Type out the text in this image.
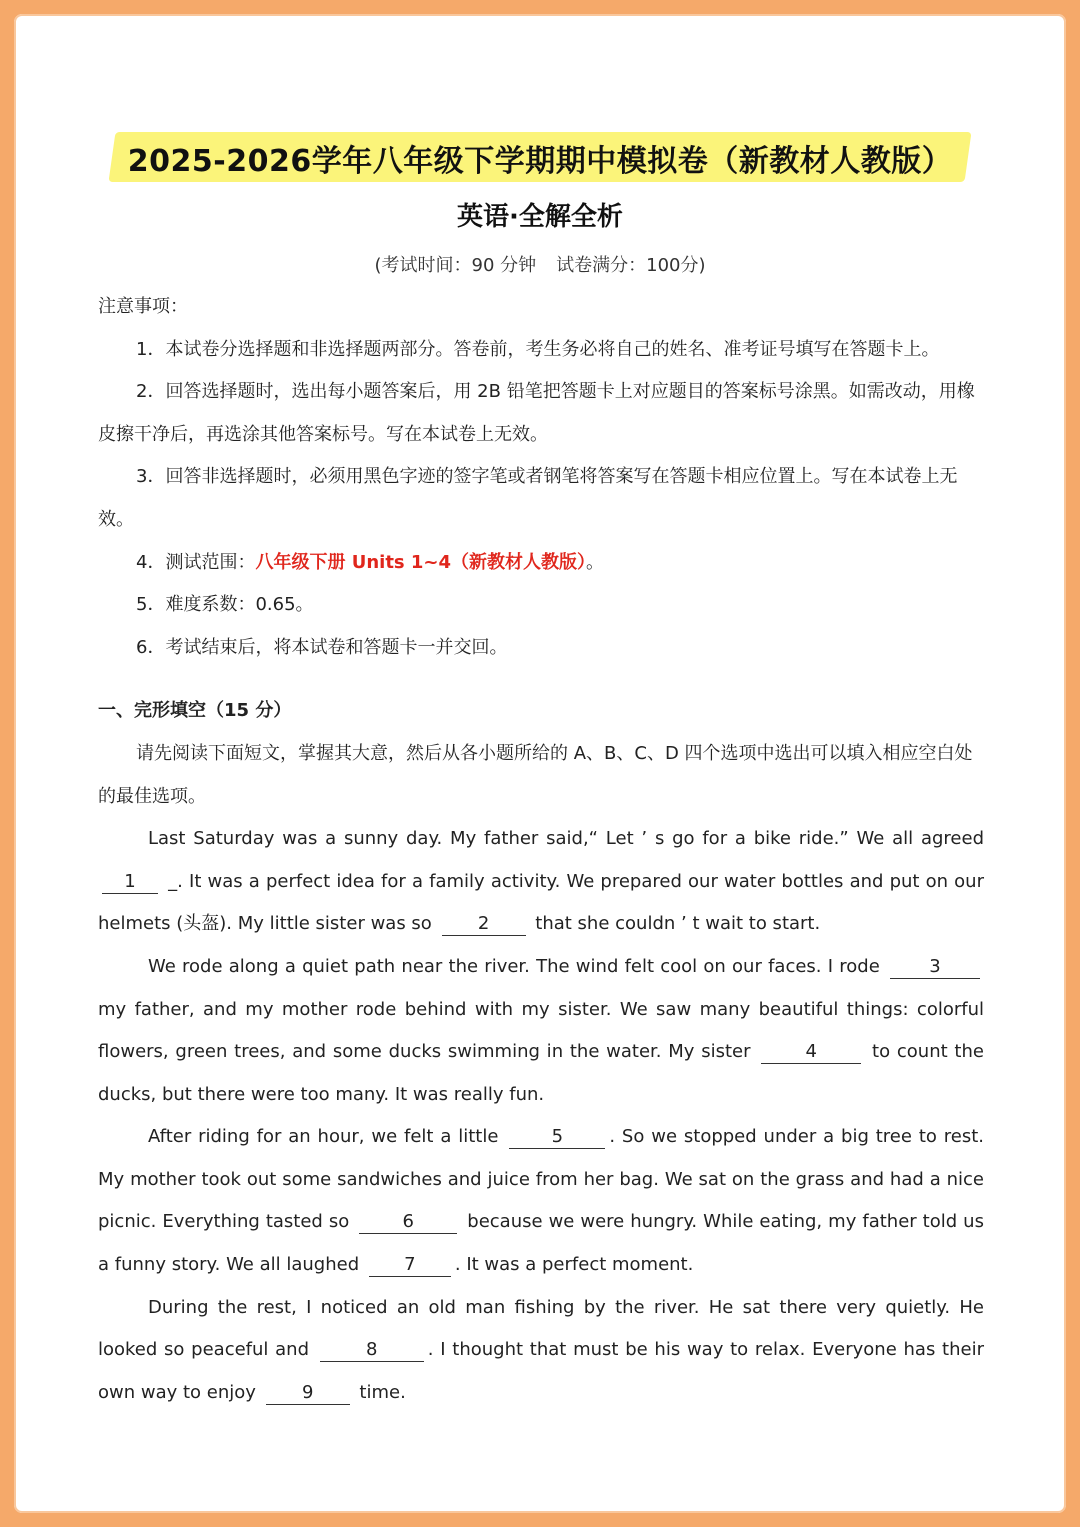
2025-2026学年八年级下学期期中模拟卷（新教材人教版）
英语·全解全析
(考试时间：90 分钟 试卷满分：100分)

注意事项：

1．本试卷分选择题和非选择题两部分。答卷前，考生务必将自己的姓名、准考证号填写在答题卡上。

2．回答选择题时，选出每小题答案后，用 2B 铅笔把答题卡上对应题目的答案标号涂黑。如需改动，用橡皮擦干净后，再选涂其他答案标号。写在本试卷上无效。

3．回答非选择题时，必须用黑色字迹的签字笔或者钢笔将答案写在答题卡相应位置上。写在本试卷上无效。

4．测试范围：八年级下册 Units 1~4（新教材人教版）。

5．难度系数：0.65。

6．考试结束后，将本试卷和答题卡一并交回。

一、完形填空（15 分）

请先阅读下面短文，掌握其大意，然后从各小题所给的 A、B、C、D 四个选项中选出可以填入相应空白处的最佳选项。

Last Saturday was a sunny day. My father said,“ Let ’ s go for a bike ride.” We all agreed 1 _. It was a perfect idea for a family activity. We prepared our water bottles and put on our helmets (头盔). My little sister was so	2	that she couldn ’ t wait to start.

We rode along a quiet path near the river. The wind felt cool on our faces. I rode	3 my father, and my mother rode behind with my sister. We saw many beautiful things: colorful flowers, green trees, and some ducks swimming in the water. My sister	4	to count the ducks, but there were too many. It was really fun.

After riding for an hour, we felt a little	5	. So we stopped under a big tree to rest. My mother took out some sandwiches and juice from her bag. We sat on the grass and had a nice picnic. Everything tasted so	6	because we were hungry. While eating, my father told us a funny story. We all laughed	7 . It was a perfect moment.

During the rest, I noticed an old man fishing by the river. He sat there very quietly. He looked so peaceful and	8	. I thought that must be his way to relax. Everyone has their own way to enjoy	9	time.
